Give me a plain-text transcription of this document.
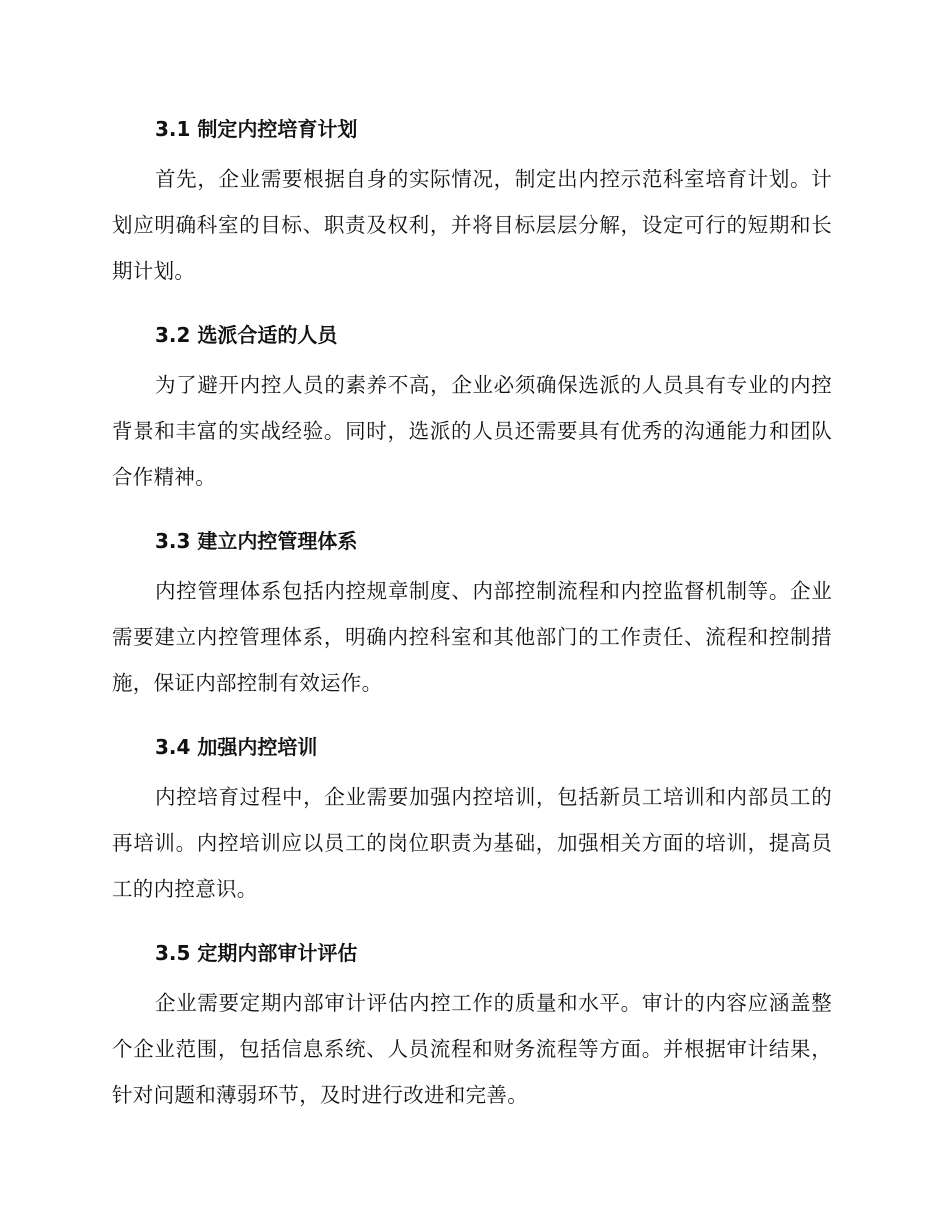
3.1 制定内控培育计划

首先，企业需要根据自身的实际情况，制定出内控示范科室培育计划。计划应明确科室的目标、职责及权利，并将目标层层分解，设定可行的短期和长期计划。

3.2 选派合适的人员

为了避开内控人员的素养不高，企业必须确保选派的人员具有专业的内控背景和丰富的实战经验。同时，选派的人员还需要具有优秀的沟通能力和团队合作精神。

3.3 建立内控管理体系

内控管理体系包括内控规章制度、内部控制流程和内控监督机制等。企业需要建立内控管理体系，明确内控科室和其他部门的工作责任、流程和控制措施，保证内部控制有效运作。

3.4 加强内控培训

内控培育过程中，企业需要加强内控培训，包括新员工培训和内部员工的再培训。内控培训应以员工的岗位职责为基础，加强相关方面的培训，提高员工的内控意识。

3.5 定期内部审计评估

企业需要定期内部审计评估内控工作的质量和水平。审计的内容应涵盖整个企业范围，包括信息系统、人员流程和财务流程等方面。并根据审计结果，针对问题和薄弱环节，及时进行改进和完善。
